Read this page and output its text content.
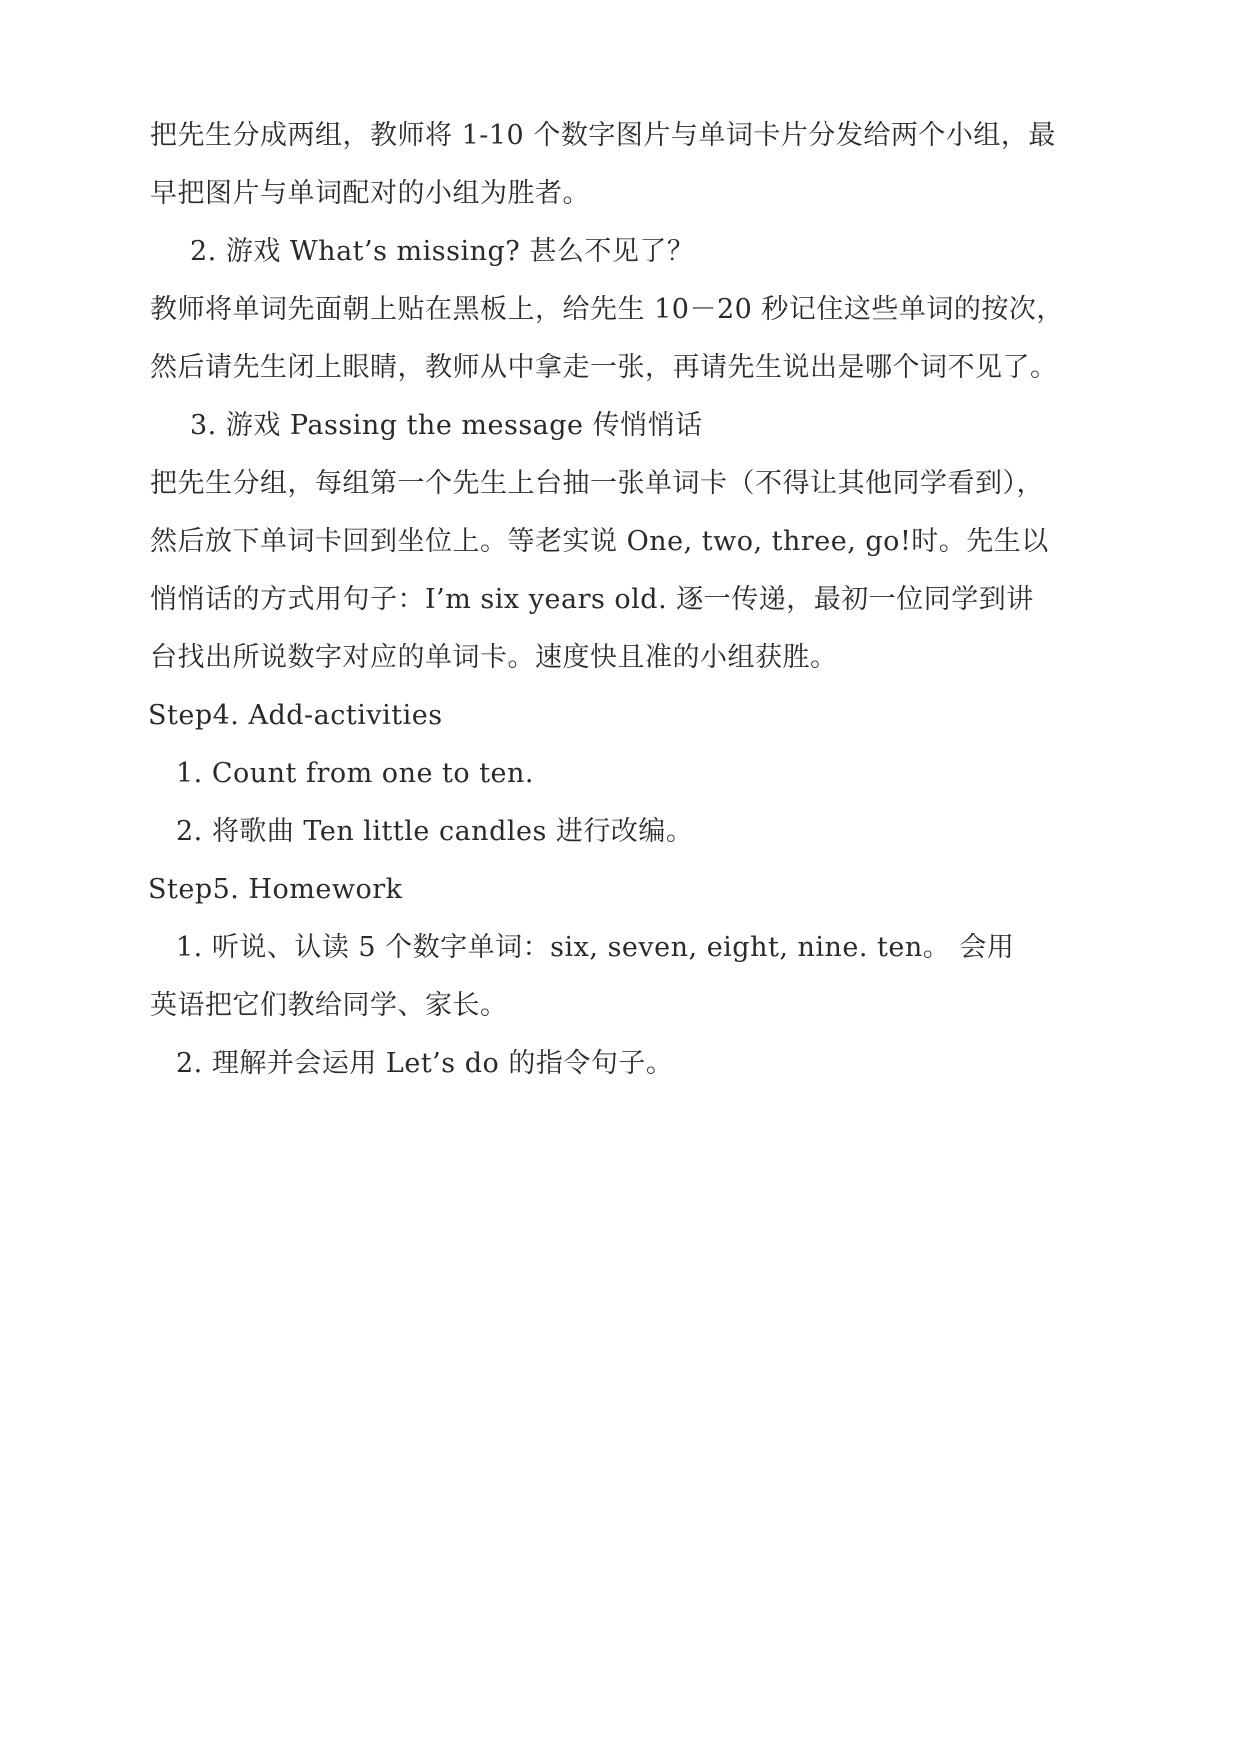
把先生分成两组，教师将 1-10 个数字图片与单词卡片分发给两个小组，最
早把图片与单词配对的小组为胜者。
2. 游戏 What’s missing? 甚么不见了？
教师将单词先面朝上贴在黑板上，给先生 10－20 秒记住这些单词的按次，
然后请先生闭上眼睛，教师从中拿走一张，再请先生说出是哪个词不见了。
3. 游戏 Passing the message 传悄悄话
把先生分组，每组第一个先生上台抽一张单词卡（不得让其他同学看到），
然后放下单词卡回到坐位上。等老实说 One, two, three, go!时。先生以
悄悄话的方式用句子：I’m six years old. 逐一传递，最初一位同学到讲
台找出所说数字对应的单词卡。速度快且准的小组获胜。
Step4. Add-activities
1. Count from one to ten.
2. 将歌曲 Ten little candles 进行改编。
Step5. Homework
1. 听说、认读 5 个数字单词：six, seven, eight, nine. ten。 会用
英语把它们教给同学、家长。
2. 理解并会运用 Let’s do 的指令句子。
